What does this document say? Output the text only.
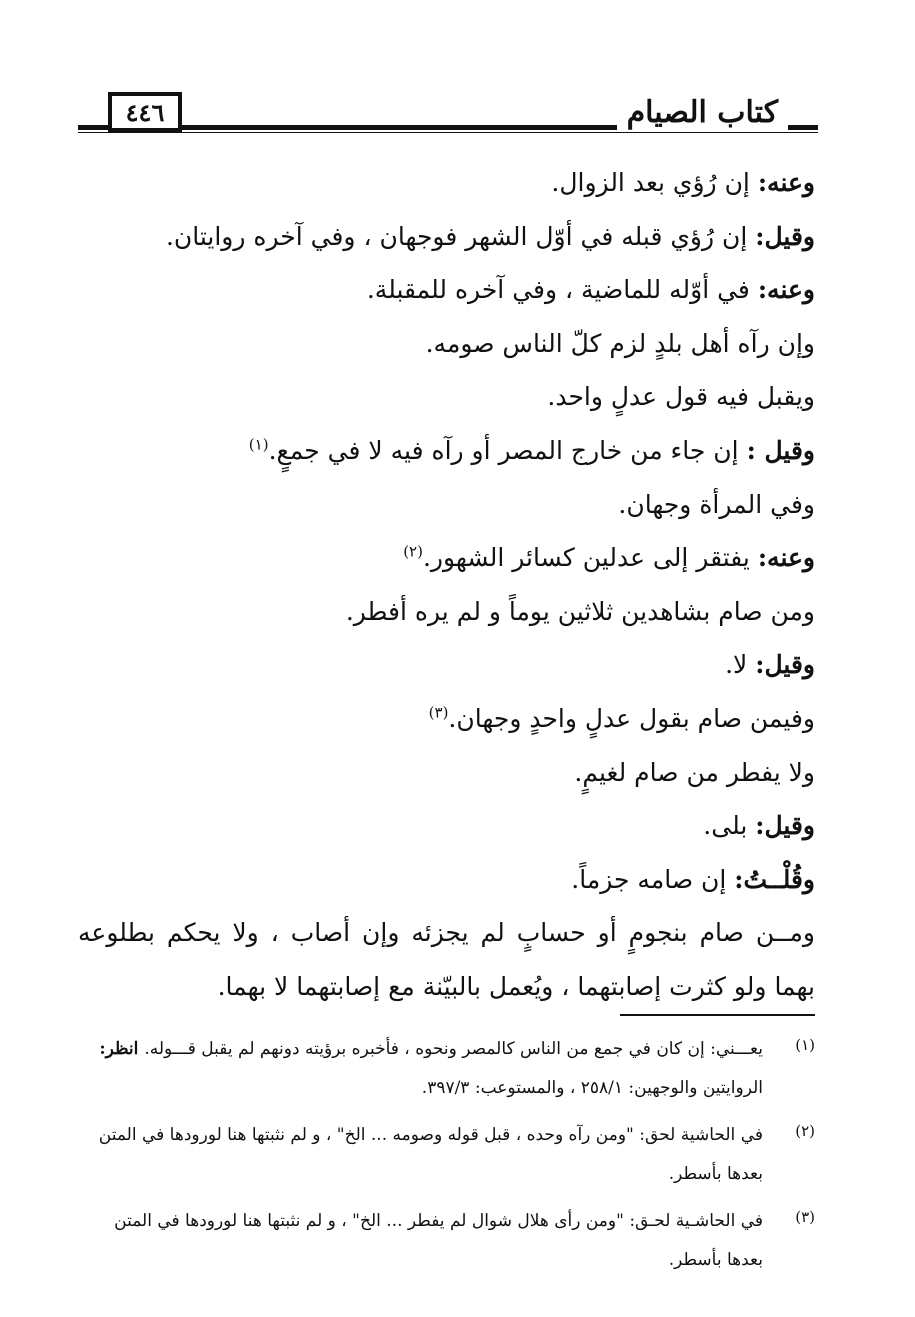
٤٤٦	كتاب الصيام
وعنه: إن رُؤي بعد الزوال.
وقيل: إن رُؤي قبله في أوّل الشهر فوجهان ، وفي آخره روايتان.
وعنه: في أوّله للماضية ، وفي آخره للمقبلة.
وإن رآه أهل بلدٍ لزم كلّ الناس صومه.
ويقبل فيه قول عدلٍ واحد.
وقيل : إن جاء من خارج المصر أو رآه فيه لا في جمعٍ.$^{(١)}$
وفي المرأة وجهان.
وعنه: يفتقر إلى عدلين كسائر الشهور.$^{(٢)}$
ومن صام بشاهدين ثلاثين يوماً و لم يره أفطر.
وقيل: لا.
وفيمن صام بقول عدلٍ واحدٍ وجهان.$^{(٣)}$
ولا يفطر من صام لغيمٍ.
وقيل: بلى.
وقُلْــتُ: إن صامه جزماً.
ومــن صام بنجومٍ أو حسابٍ لم يجزئه وإن أصاب ، ولا يحكم بطلوعه بهما ولو كثرت إصابتهما ، ويُعمل بالبيّنة مع إصابتهما لا بهما.
(١)
يعـــني: إن كان في جمع من الناس كالمصر ونحوه ، فأخبره برؤيته دونهم لم يقبل قـــوله. انظر: الروايتين والوجهين: ٢٥٨/١ ، والمستوعب: ٣٩٧/٣.
(٢)
في الحاشية لحق: "ومن رآه وحده ، قبل قوله وصومه ... الخ" ، و لم نثبتها هنا لورودها في المتن بعدها بأسطر.
(٣)
في الحاشـية لحـق: "ومن رأى هلال شوال لم يفطر ... الخ" ، و لم نثبتها هنا لورودها في المتن بعدها بأسطر.
